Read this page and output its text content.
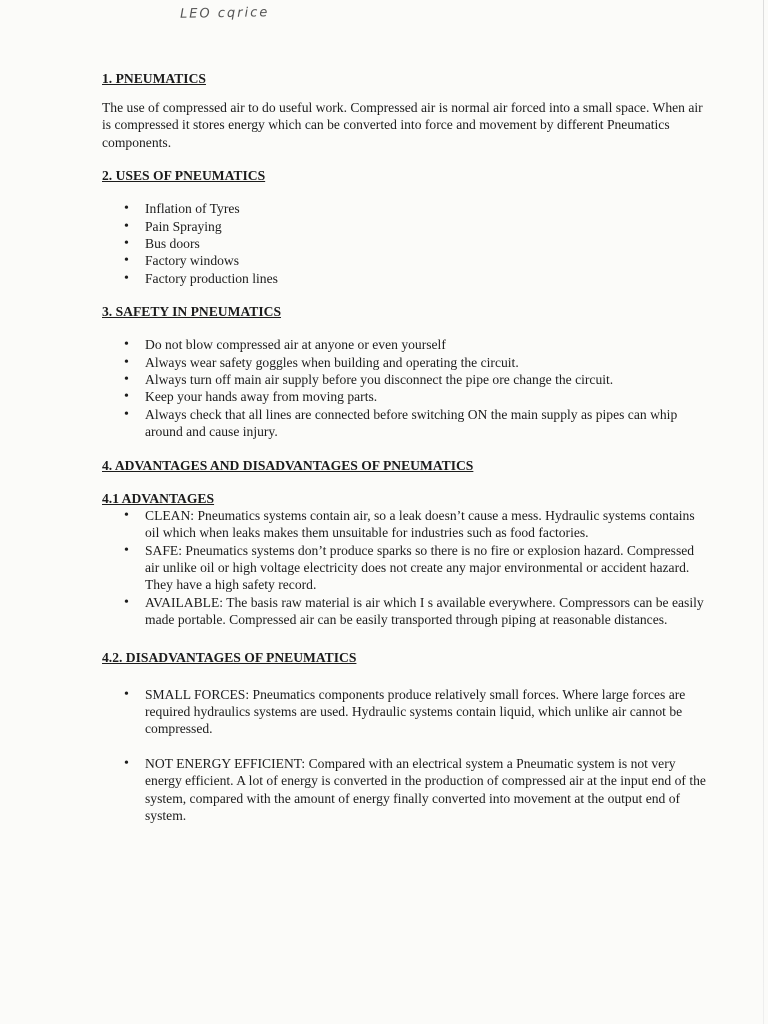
LEO cqrice
1. PNEUMATICS

The use of compressed air to do useful work. Compressed air is normal air forced into a small space. When air is compressed it stores energy which can be converted into force and movement by different Pneumatics components.

2. USES OF PNEUMATICS
• Inflation of Tyres
• Pain Spraying
• Bus doors
• Factory windows
• Factory production lines
3. SAFETY IN PNEUMATICS
• Do not blow compressed air at anyone or even yourself
• Always wear safety goggles when building and operating the circuit.
• Always turn off main air supply before you disconnect the pipe ore change the circuit.
• Keep your hands away from moving parts.
• Always check that all lines are connected before switching ON the main supply as pipes can whip around and cause injury.
4. ADVANTAGES AND DISADVANTAGES OF PNEUMATICS
4.1 ADVANTAGES
• CLEAN: Pneumatics systems contain air, so a leak doesn’t cause a mess. Hydraulic systems contains oil which when leaks makes them unsuitable for industries such as food factories.
• SAFE: Pneumatics systems don’t produce sparks so there is no fire or explosion hazard. Compressed air unlike oil or high voltage electricity does not create any major environmental or accident hazard. They have a high safety record.
• AVAILABLE: The basis raw material is air which I s available everywhere. Compressors can be easily made portable. Compressed air can be easily transported through piping at reasonable distances.
4.2. DISADVANTAGES OF PNEUMATICS
• SMALL FORCES: Pneumatics components produce relatively small forces. Where large forces are required hydraulics systems are used. Hydraulic systems contain liquid, which unlike air cannot be compressed.
• NOT ENERGY EFFICIENT: Compared with an electrical system a Pneumatic system is not very energy efficient. A lot of energy is converted in the production of compressed air at the input end of the system, compared with the amount of energy finally converted into movement at the output end of system.
